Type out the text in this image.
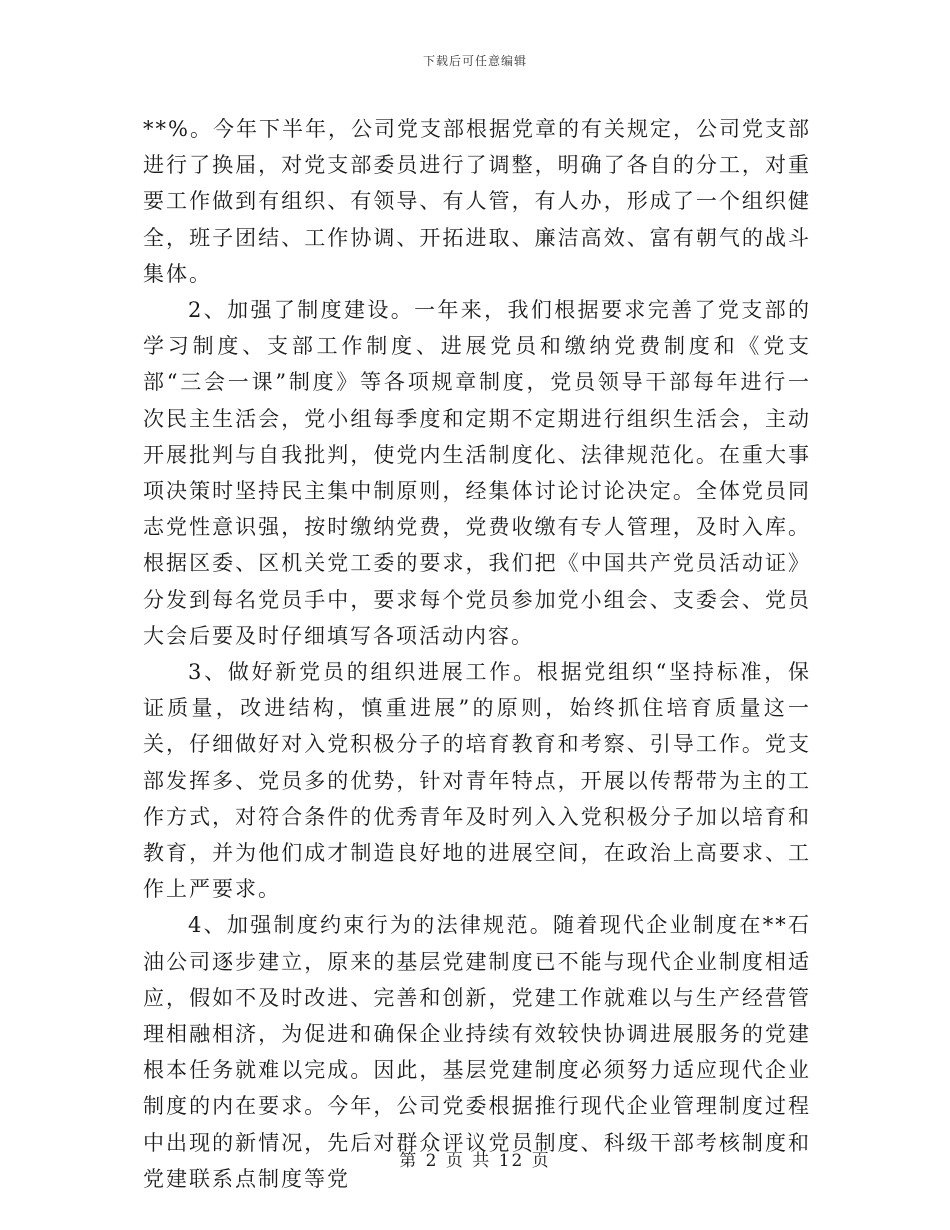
下载后可任意编辑

**%。今年下半年，公司党支部根据党章的有关规定，公司党支部进行了换届，对党支部委员进行了调整，明确了各自的分工，对重要工作做到有组织、有领导、有人管，有人办，形成了一个组织健全，班子团结、工作协调、开拓进取、廉洁高效、富有朝气的战斗集体。

2、加强了制度建设。一年来，我们根据要求完善了党支部的学习制度、支部工作制度、进展党员和缴纳党费制度和《党支部“三会一课”制度》等各项规章制度，党员领导干部每年进行一次民主生活会，党小组每季度和定期不定期进行组织生活会，主动开展批判与自我批判，使党内生活制度化、法律规范化。在重大事项决策时坚持民主集中制原则，经集体讨论讨论决定。全体党员同志党性意识强，按时缴纳党费，党费收缴有专人管理，及时入库。根据区委、区机关党工委的要求，我们把《中国共产党员活动证》分发到每名党员手中，要求每个党员参加党小组会、支委会、党员大会后要及时仔细填写各项活动内容。

3、做好新党员的组织进展工作。根据党组织“坚持标准，保证质量，改进结构，慎重进展”的原则，始终抓住培育质量这一关，仔细做好对入党积极分子的培育教育和考察、引导工作。党支部发挥多、党员多的优势，针对青年特点，开展以传帮带为主的工作方式，对符合条件的优秀青年及时列入入党积极分子加以培育和教育，并为他们成才制造良好地的进展空间，在政治上高要求、工作上严要求。

4、加强制度约束行为的法律规范。随着现代企业制度在**石油公司逐步建立，原来的基层党建制度已不能与现代企业制度相适应，假如不及时改进、完善和创新，党建工作就难以与生产经营管理相融相济，为促进和确保企业持续有效较快协调进展服务的党建根本任务就难以完成。因此，基层党建制度必须努力适应现代企业制度的内在要求。今年，公司党委根据推行现代企业管理制度过程中出现的新情况，先后对群众评议党员制度、科级干部考核制度和党建联系点制度等党

第 2 页 共 12 页
